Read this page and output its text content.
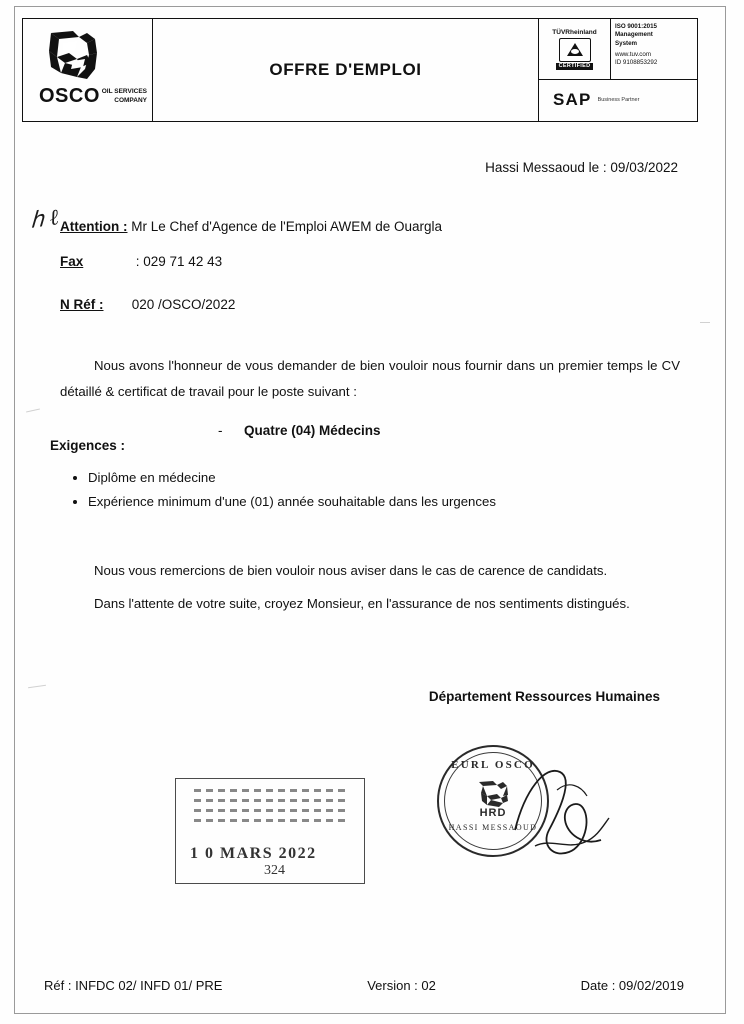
OSCO OIL SERVICES
COMPANY
OFFRE D'EMPLOI
TÜVRheinland
CERTIFIED
ISO 9001:2015
Management
System
www.tuv.com
ID 9108853292
SAP Business Partner
Hassi Messaoud le : 09/03/2022
ℎ ℓ Attention : Mr Le Chef d'Agence de l'Emploi AWEM de Ouargla
Fax	: 029 71 42 43
N Réf : 020 /OSCO/2022
Nous avons l'honneur de vous demander de bien vouloir nous fournir dans un premier temps le CV détaillé & certificat de travail pour le poste suivant :
- Quatre (04) Médecins
Exigences :
• Diplôme en médecine
• Expérience minimum d'une (01) année souhaitable dans les urgences
Nous vous remercions de bien vouloir nous aviser dans le cas de carence de candidats.
Dans l'attente de votre suite, croyez Monsieur, en l'assurance de nos sentiments distingués.
Département Ressources Humaines
EURL OSCO
HRD
HASSI MESSAOUD
1 0 MARS 2022
324
Réf : INFDC 02/ INFD 01/ PRE	Version : 02	Date : 09/02/2019
